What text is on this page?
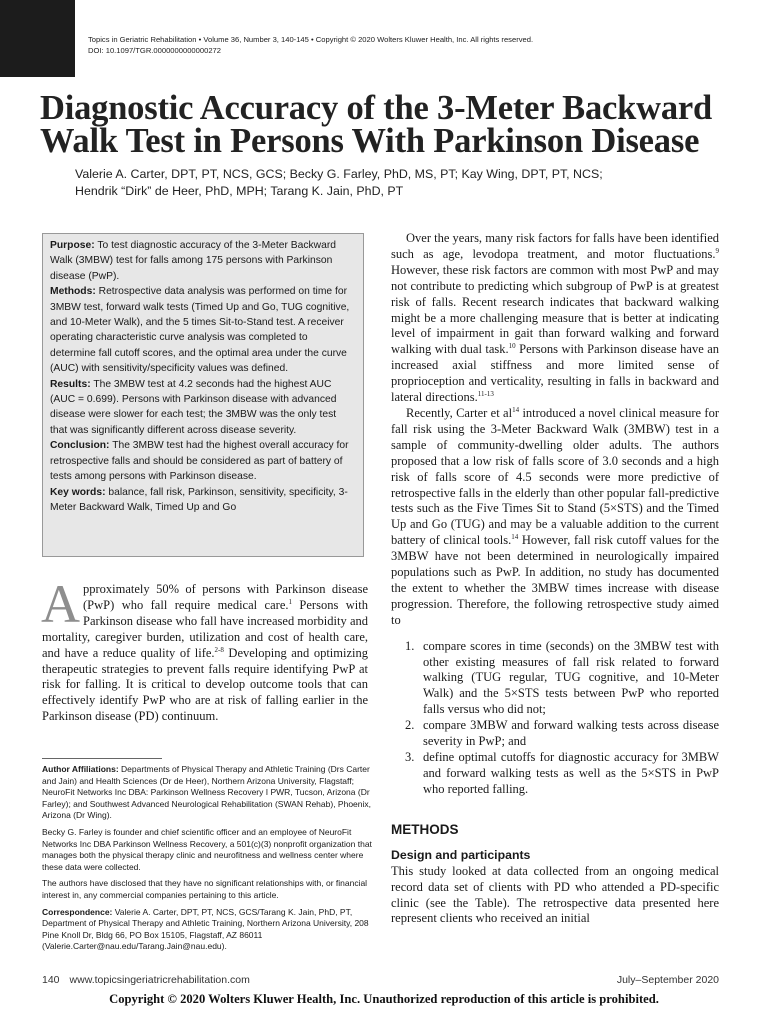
Topics in Geriatric Rehabilitation • Volume 36, Number 3, 140-145 • Copyright © 2020 Wolters Kluwer Health, Inc. All rights reserved.
DOI: 10.1097/TGR.0000000000000272
Diagnostic Accuracy of the 3-Meter Backward
Walk Test in Persons With Parkinson Disease
Valerie A. Carter, DPT, PT, NCS, GCS; Becky G. Farley, PhD, MS, PT; Kay Wing, DPT, PT, NCS;
Hendrik “Dirk” de Heer, PhD, MPH; Tarang K. Jain, PhD, PT

Purpose: To test diagnostic accuracy of the 3-Meter Backward Walk (3MBW) test for falls among 175 persons with Parkinson disease (PwP).

Methods: Retrospective data analysis was performed on time for 3MBW test, forward walk tests (Timed Up and Go, TUG cognitive, and 10-Meter Walk), and the 5 times Sit-to-Stand test. A receiver operating characteristic curve analysis was completed to determine fall cutoff scores, and the optimal area under the curve (AUC) with sensitivity/specificity values was defined.

Results: The 3MBW test at 4.2 seconds had the highest AUC (AUC = 0.699). Persons with Parkinson disease with advanced disease were slower for each test; the 3MBW was the only test that was significantly different across disease severity.

Conclusion: The 3MBW test had the highest overall accuracy for retrospective falls and should be considered as part of battery of tests among persons with Parkinson disease.

Key words: balance, fall risk, Parkinson, sensitivity, specificity, 3-Meter Backward Walk, Timed Up and Go

Approximately 50% of persons with Parkinson disease (PwP) who fall require medical care.$^1$ Persons with Parkinson disease who fall have increased morbidity and mortality, caregiver burden, utilization and cost of health care, and have a reduce quality of life.$^{2-8}$ Developing and optimizing therapeutic strategies to prevent falls require identifying PwP at risk for falling. It is critical to develop outcome tools that can effectively identify PwP who are at risk of falling earlier in the Parkinson disease (PD) continuum.

Author Affiliations: Departments of Physical Therapy and Athletic Training (Drs Carter and Jain) and Health Sciences (Dr de Heer), Northern Arizona University, Flagstaff; NeuroFit Networks Inc DBA: Parkinson Wellness Recovery I PWR, Tucson, Arizona (Dr Farley); and Southwest Advanced Neurological Rehabilitation (SWAN Rehab), Phoenix, Arizona (Dr Wing).

Becky G. Farley is founder and chief scientific officer and an employee of NeuroFit Networks Inc DBA Parkinson Wellness Recovery, a 501(c)(3) nonprofit organization that manages both the physical therapy clinic and neurofitness and wellness center where these data were collected.

The authors have disclosed that they have no significant relationships with, or financial interest in, any commercial companies pertaining to this article.

Correspondence: Valerie A. Carter, DPT, PT, NCS, GCS/Tarang K. Jain, PhD, PT, Department of Physical Therapy and Athletic Training, Northern Arizona University, 208 Pine Knoll Dr, Bldg 66, PO Box 15105, Flagstaff, AZ 86011 (Valerie.Carter@nau.edu/Tarang.Jain@nau.edu).

Over the years, many risk factors for falls have been identified such as age, levodopa treatment, and motor fluctuations.$^9$ However, these risk factors are common with most PwP and may not contribute to predicting which subgroup of PwP is at greatest risk of falls. Recent research indicates that backward walking might be a more challenging measure that is better at indicating level of impairment in gait than forward walking and forward walking with dual task.$^{10}$ Persons with Parkinson disease have an increased axial stiffness and more limited sense of proprioception and verticality, resulting in falls in backward and lateral directions.$^{11-13}$

Recently, Carter et $al^{14}$ introduced a novel clinical measure for fall risk using the 3-Meter Backward Walk (3MBW) test in a sample of community-dwelling older adults. The authors proposed that a low risk of falls score of 3.0 seconds and a high risk of falls score of 4.5 seconds were more predictive of retrospective falls in the elderly than other popular fall-predictive tests such as the Five Times Sit to Stand (5×STS) and the Timed Up and Go (TUG) and may be a valuable addition to the current battery of clinical tools.$^{14}$ However, fall risk cutoff values for the 3MBW have not been determined in neurologically impaired populations such as PwP. In addition, no study has documented the extent to whether the 3MBW times increase with disease progression. Therefore, the following retrospective study aimed to

1. compare scores in time (seconds) on the 3MBW test with other existing measures of fall risk related to forward walking (TUG regular, TUG cognitive, and 10-Meter Walk) and the 5×STS tests between PwP who reported falls versus who did not;
2. compare 3MBW and forward walking tests across disease severity in PwP; and
3. define optimal cutoffs for diagnostic accuracy for 3MBW and forward walking tests as well as the 5×STS in PwP who reported falling.
METHODS
Design and participants

This study looked at data collected from an ongoing medical record data set of clients with PD who attended a PD-specific clinic (see the Table). The retrospective data presented here represent clients who received an initial

140 www.topicsingeriatricrehabilitation.com	July–September 2020
Copyright © 2020 Wolters Kluwer Health, Inc. Unauthorized reproduction of this article is prohibited.
